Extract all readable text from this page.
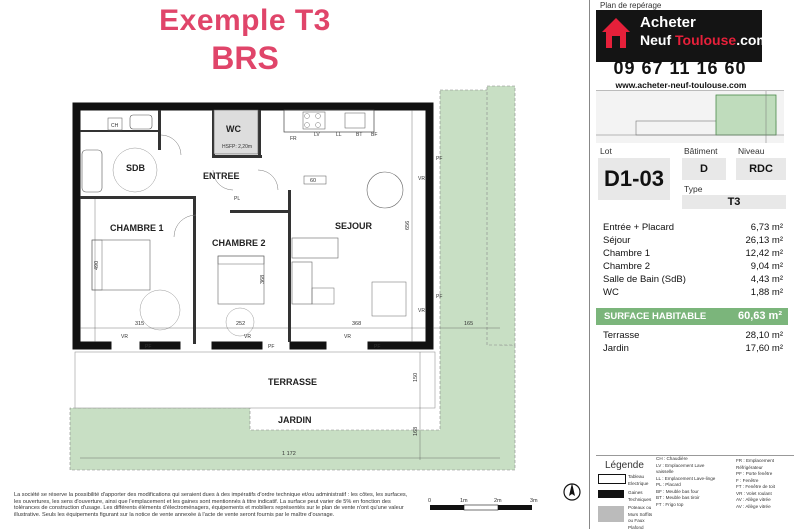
Exemple T3
BRS
SDB
WC
HSFP: 2,20m
ENTREE
SEJOUR
CHAMBRE 1
CHAMBRE 2
TERRASSE
JARDIN
CH
PL
LV	LL	BT BF
FR
VR	VR	VR
PF	PF	PF
VR
VR
PF
PF
315	252	368	165
1 172
490
368
656
150
168
60
0	1m	2m	3m
La société se réserve la possibilité d'apporter des modifications qui seraient dues à des impératifs d'ordre technique et/ou administratif : les côtes, les surfaces, les ouvertures, les sens d'ouverture, ainsi que l'emplacement et les gaines sont mentionnés à titre indicatif. La surface peut varier de 5% en fonction des tolérances de construction d'usage. Les différents éléments d'électroménagers, équipements et mobiliers représentés sur le plan de vente n'ont qu'une valeur illustrative. Seuls les équipements figurant sur la notice de vente annexée à l'acte de vente seront fournis par le maître d'ouvrage.
Plan de repérage
Acheter
Neuf Toulouse.com
09 67 11 16 60
www.acheter-neuf-toulouse.com
Lot	Bâtiment Niveau
D1-03	D	RDC
Type
T3
Entrée + Placard	6,73 m²
Séjour	26,13 m²
Chambre 1	12,42 m²
Chambre 2	9,04 m²
Salle de Bain (SdB)	4,43 m²
WC	1,88 m²
SURFACE HABITABLE	60,63 m²
Terrasse	28,10 m²
Jardin	17,60 m²
Légende
Tableau Electrique
Gaines Techniques
Poteaux ou Murs Soffits ou Faux Plafond
CH : Chaudière
LV : Emplacement Lave vaisselle
LL : Emplacement Lave-linge
PL : Placard
BF : Meuble bas four
BT : Meuble bas tiroir
FT : Frigo top
FR : Emplacement Réfrigérateur
PF : Porte fenêtre
F : Fenêtre
FT : Fenêtre de toit
VR : Volet roulant
AV : Allège vitrée
AV : Allège vitrée
